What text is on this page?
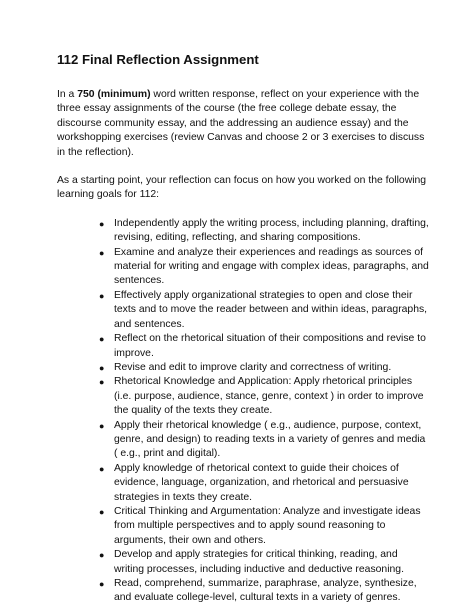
112 Final Reflection Assignment

In a 750 (minimum) word written response, reflect on your experience with the three essay assignments of the course (the free college debate essay, the discourse community essay, and the addressing an audience essay) and the workshopping exercises (review Canvas and choose 2 or 3 exercises to discuss in the reflection).

As a starting point, your reflection can focus on how you worked on the following learning goals for 112:

● Independently apply the writing process, including planning, drafting, revising, editing, reflecting, and sharing compositions.
● Examine and analyze their experiences and readings as sources of material for writing and engage with complex ideas, paragraphs, and sentences.
● Effectively apply organizational strategies to open and close their texts and to move the reader between and within ideas, paragraphs, and sentences.
● Reflect on the rhetorical situation of their compositions and revise to improve.
● Revise and edit to improve clarity and correctness of writing.
● Rhetorical Knowledge and Application: Apply rhetorical principles (i.e. purpose, audience, stance, genre, context ) in order to improve the quality of the texts they create.
● Apply their rhetorical knowledge ( e.g., audience, purpose, context, genre, and design) to reading texts in a variety of genres and media ( e.g., print and digital).
● Apply knowledge of rhetorical context to guide their choices of evidence, language, organization, and rhetorical and persuasive strategies in texts they create.
● Critical Thinking and Argumentation: Analyze and investigate ideas from multiple perspectives and to apply sound reasoning to arguments, their own and others.
● Develop and apply strategies for critical thinking, reading, and writing processes, including inductive and deductive reasoning.
● Read, comprehend, summarize, paraphrase, analyze, synthesize, and evaluate college-level, cultural texts in a variety of genres.
